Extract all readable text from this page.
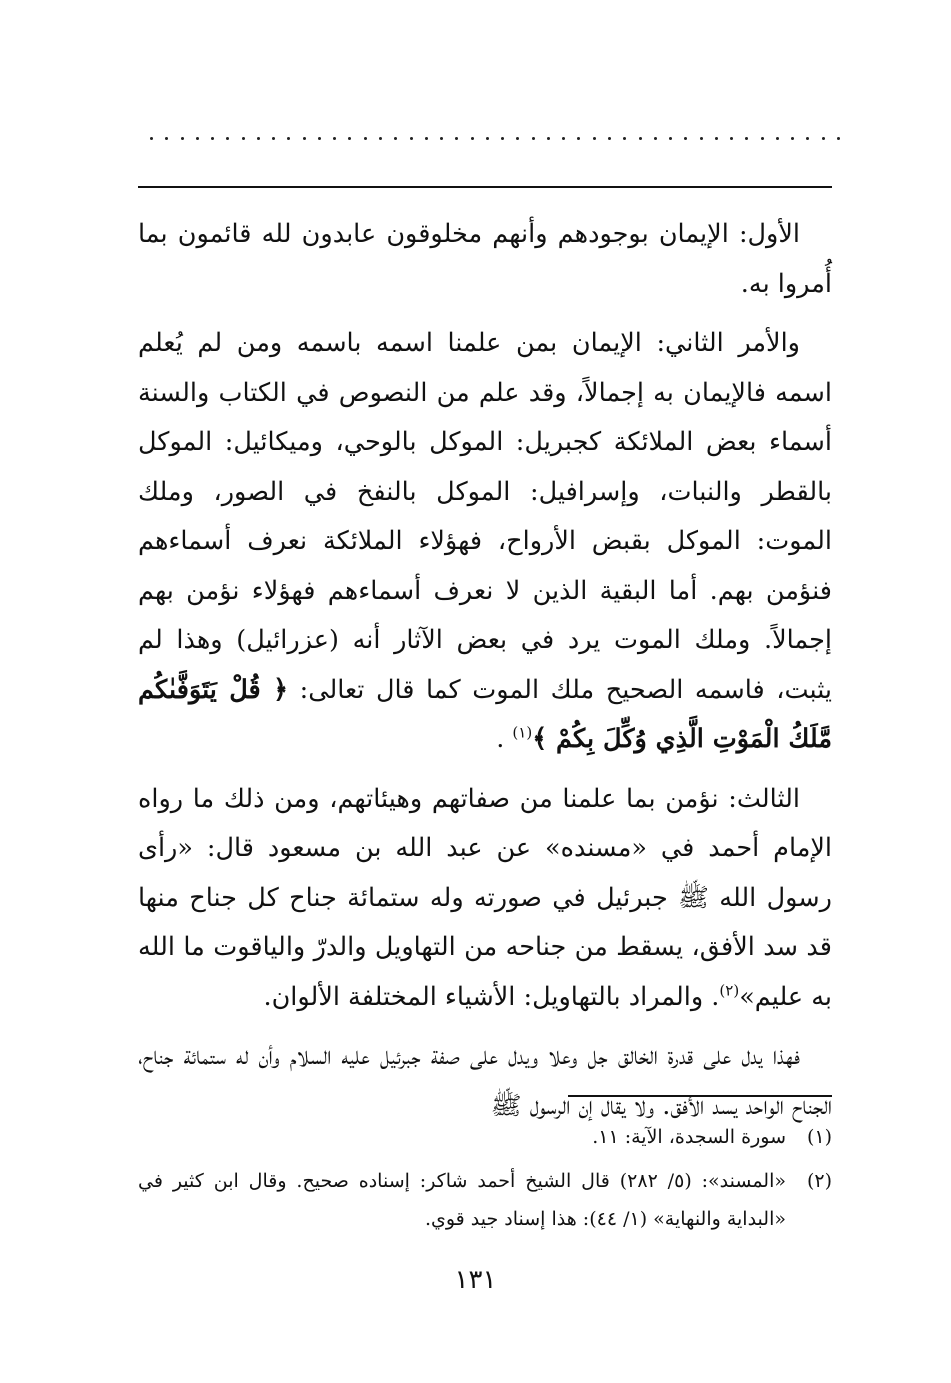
الأول: الإيمان بوجودهم وأنهم مخلوقون عابدون لله قائمون بما أُمروا به.

والأمر الثاني: الإيمان بمن علمنا اسمه باسمه ومن لم يُعلم اسمه فالإيمان به إجمالاً، وقد علم من النصوص في الكتاب والسنة أسماء بعض الملائكة كجبريل: الموكل بالوحي، وميكائيل: الموكل بالقطر والنبات، وإسرافيل: الموكل بالنفخ في الصور، وملك الموت: الموكل بقبض الأرواح، فهؤلاء الملائكة نعرف أسماءهم فنؤمن بهم. أما البقية الذين لا نعرف أسماءهم فهؤلاء نؤمن بهم إجمالاً. وملك الموت يرد في بعض الآثار أنه (عزرائيل) وهذا لم يثبت، فاسمه الصحيح ملك الموت كما قال تعالى: ﴿ قُلْ يَتَوَفَّىٰكُم مَّلَكُ الْمَوْتِ الَّذِي وُكِّلَ بِكُمْ ﴾$^{(١)}$ .

الثالث: نؤمن بما علمنا من صفاتهم وهيئاتهم، ومن ذلك ما رواه الإمام أحمد في «مسنده» عن عبد الله بن مسعود قال: «رأى رسول الله ﷺ جبرئيل في صورته وله ستمائة جناح كل جناح منها قد سد الأفق، يسقط من جناحه من التهاويل والدرّ والياقوت ما الله به عليم»$^{(٢)}$. والمراد بالتهاويل: الأشياء المختلفة الألوان.

فهذا يدل على قدرة الخالق جل وعلا ويدل على صفة جبرئيل عليه السلام وأن له ستمائة جناح، الجناح الواحد يسد الأفق. ولا يقال إن الرسول ﷺ

(١)
سورة السجدة، الآية: ١١.
(٢)
«المسند»: (٥/ ٢٨٢) قال الشيخ أحمد شاكر: إسناده صحيح. وقال ابن كثير في «البداية والنهاية» (١/ ٤٤): هذا إسناد جيد قوي.
١٣١
